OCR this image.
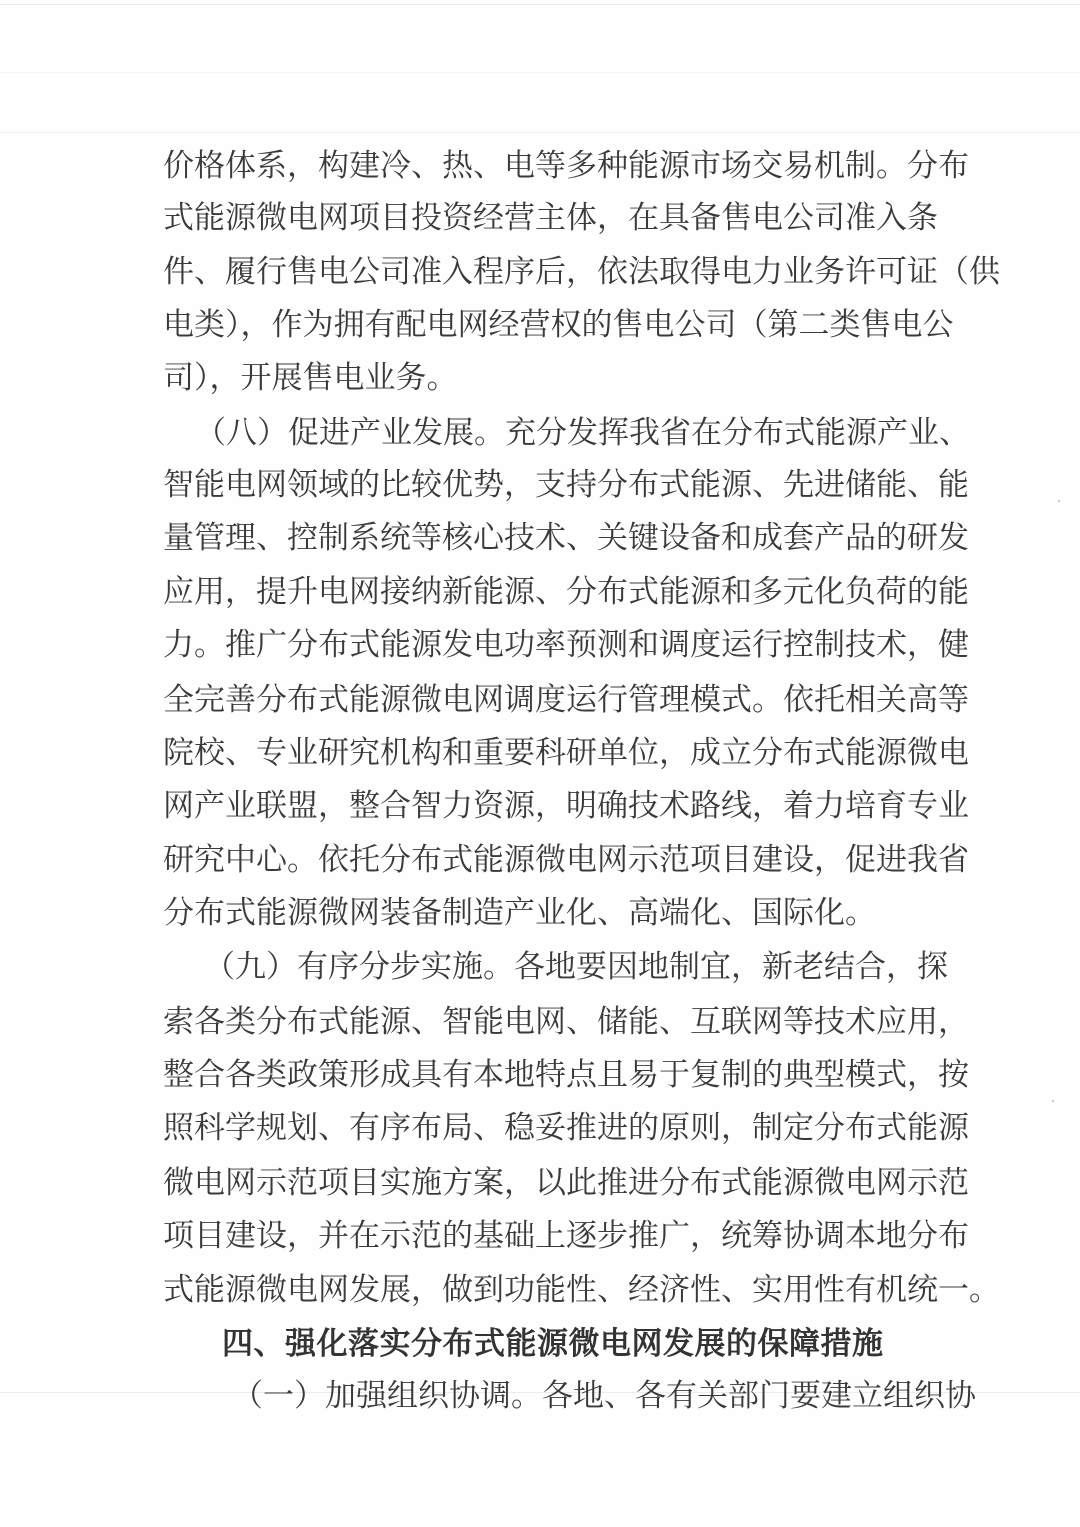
价格体系，构建冷、热、电等多种能源市场交易机制。分布
式能源微电网项目投资经营主体，在具备售电公司准入条
件、履行售电公司准入程序后，依法取得电力业务许可证（供
电类），作为拥有配电网经营权的售电公司（第二类售电公
司），开展售电业务。
（八）促进产业发展。充分发挥我省在分布式能源产业、
智能电网领域的比较优势，支持分布式能源、先进储能、能
量管理、控制系统等核心技术、关键设备和成套产品的研发
应用，提升电网接纳新能源、分布式能源和多元化负荷的能
力。推广分布式能源发电功率预测和调度运行控制技术，健
全完善分布式能源微电网调度运行管理模式。依托相关高等
院校、专业研究机构和重要科研单位，成立分布式能源微电
网产业联盟，整合智力资源，明确技术路线，着力培育专业
研究中心。依托分布式能源微电网示范项目建设，促进我省
分布式能源微网装备制造产业化、高端化、国际化。
（九）有序分步实施。各地要因地制宜，新老结合，探
索各类分布式能源、智能电网、储能、互联网等技术应用，
整合各类政策形成具有本地特点且易于复制的典型模式，按
照科学规划、有序布局、稳妥推进的原则，制定分布式能源
微电网示范项目实施方案，以此推进分布式能源微电网示范
项目建设，并在示范的基础上逐步推广，统筹协调本地分布
式能源微电网发展，做到功能性、经济性、实用性有机统一。
四、强化落实分布式能源微电网发展的保障措施
（一）加强组织协调。各地、各有关部门要建立组织协
